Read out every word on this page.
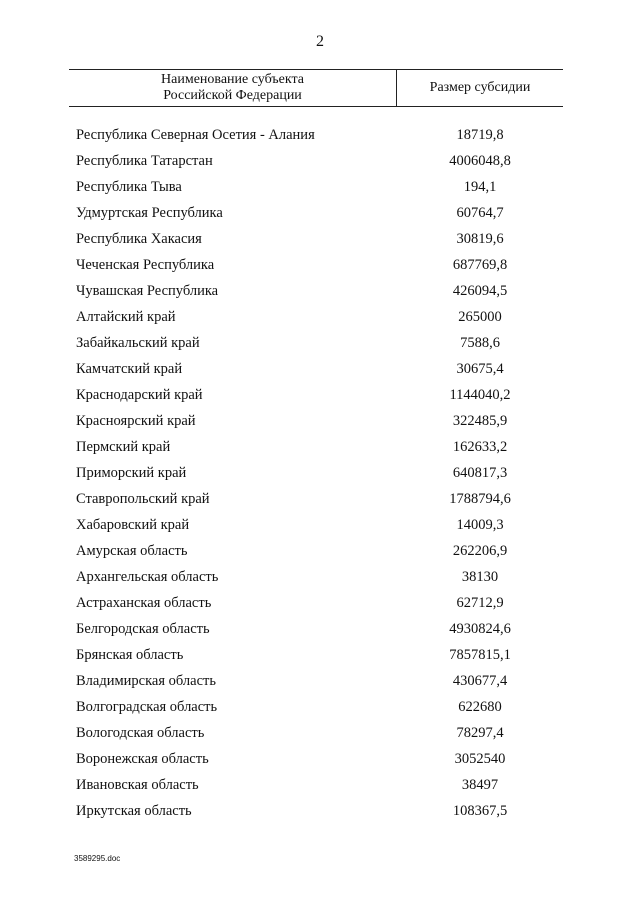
2
Наименование субъекта
Российской Федерации
Размер субсидии
Республика Северная Осетия - Алания	18719,8
Республика Татарстан	4006048,8
Республика Тыва	194,1
Удмуртская Республика	60764,7
Республика Хакасия	30819,6
Чеченская Республика	687769,8
Чувашская Республика	426094,5
Алтайский край	265000
Забайкальский край	7588,6
Камчатский край	30675,4
Краснодарский край	1144040,2
Красноярский край	322485,9
Пермский край	162633,2
Приморский край	640817,3
Ставропольский край	1788794,6
Хабаровский край	14009,3
Амурская область	262206,9
Архангельская область	38130
Астраханская область	62712,9
Белгородская область	4930824,6
Брянская область	7857815,1
Владимирская область	430677,4
Волгоградская область	622680
Вологодская область	78297,4
Воронежская область	3052540
Ивановская область	38497
Иркутская область	108367,5
3589295.doc
